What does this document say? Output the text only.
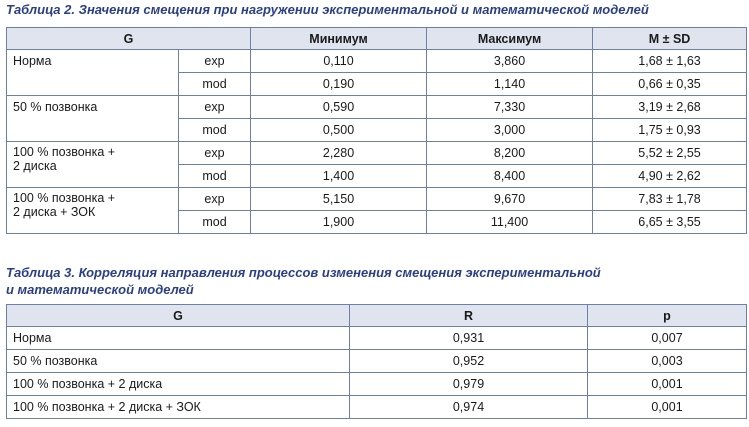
Таблица 2. Значения смещения при нагружении экспериментальной и математической моделей
G		Минимум	Максимум	M ± SD
Норма	exp	0,110	3,860	1,68 ± 1,63
	mod	0,190	1,140	0,66 ± 0,35
50 % позвонка	exp	0,590	7,330	3,19 ± 2,68
	mod	0,500	3,000	1,75 ± 0,93
100 % позвонка +
2 диска	exp	2,280	8,200	5,52 ± 2,55
	mod	1,400	8,400	4,90 ± 2,62
100 % позвонка +
2 диска + ЗОК	exp	5,150	9,670	7,83 ± 1,78
	mod	1,900	11,400	6,65 ± 3,55
Таблица 3. Корреляция направления процессов изменения смещения экспериментальной
и математической моделей
G	R	p
Норма	0,931	0,007
50 % позвонка	0,952	0,003
100 % позвонка + 2 диска	0,979	0,001
100 % позвонка + 2 диска + ЗОК	0,974	0,001
